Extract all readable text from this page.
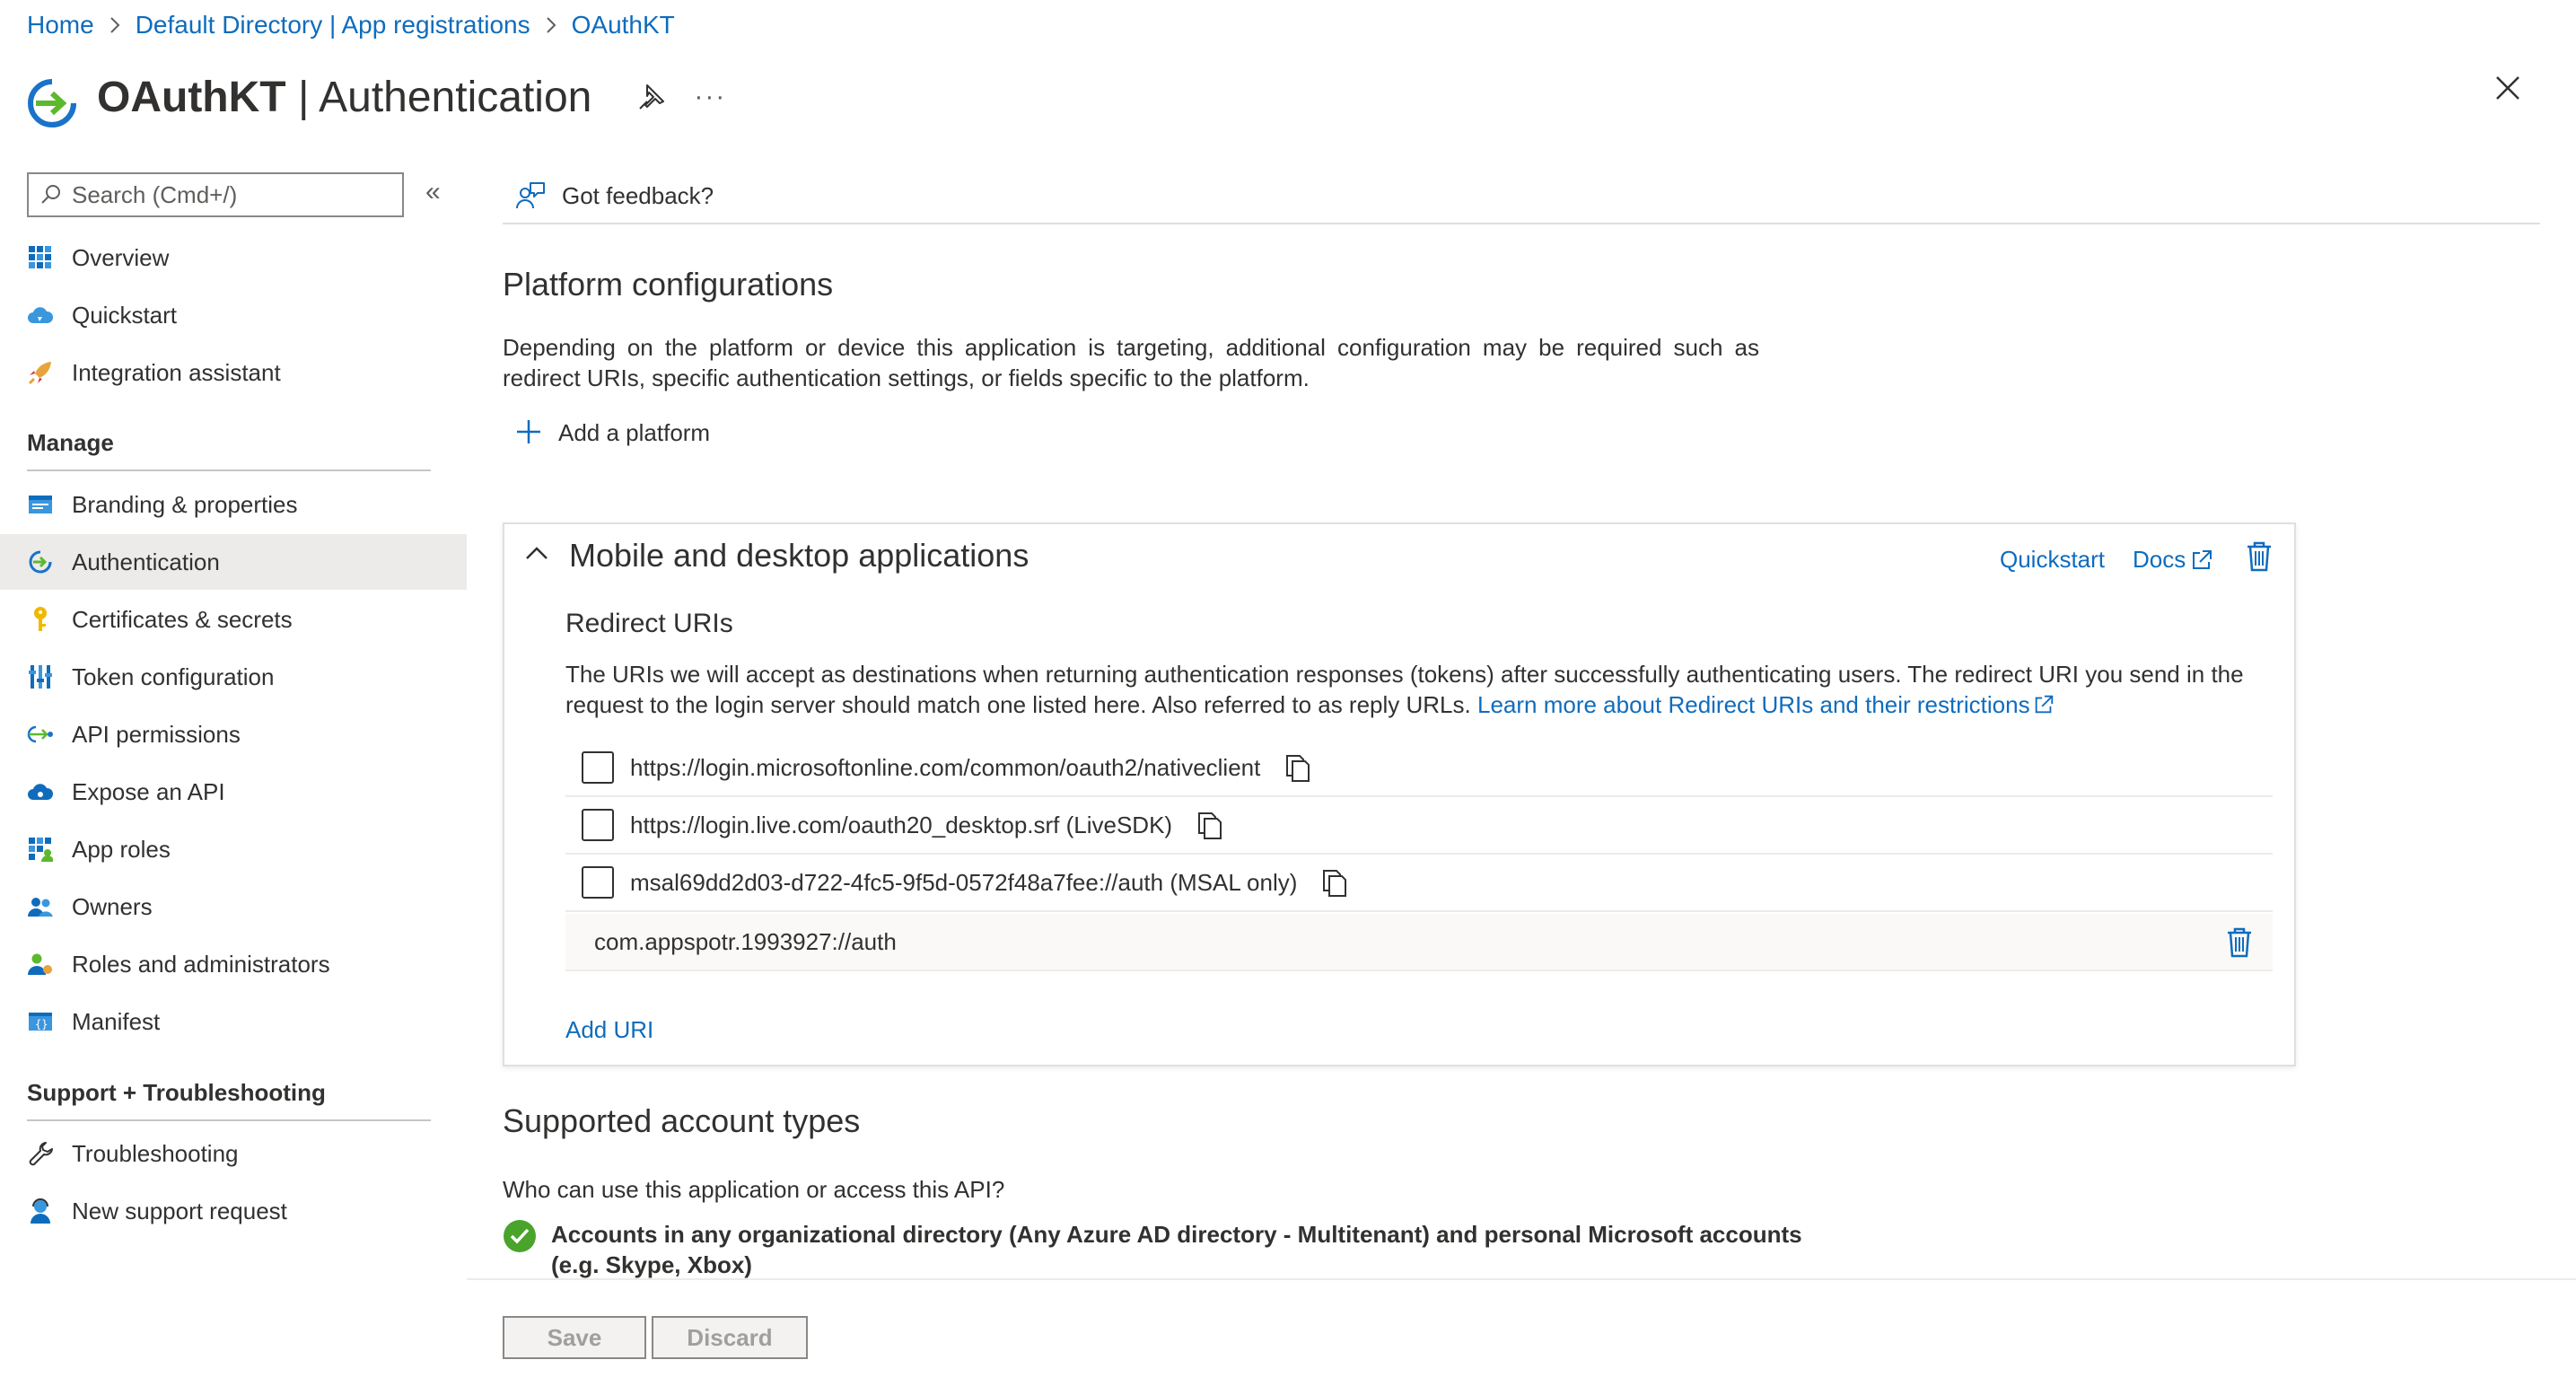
Home Default Directory | App registrations OAuthKT
OAuthKT | Authentication	···
Search (Cmd+/)	«
Overview
Quickstart
Integration assistant
Manage
Branding & properties
Authentication
Certificates & secrets
Token configuration
API permissions
Expose an API
App roles
Owners
Roles and administrators
{} Manifest
Support + Troubleshooting
Troubleshooting
New support request
Got feedback?
Platform configurations
Depending on the platform or device this application is targeting, additional configuration may be required such as redirect URIs, specific authentication settings, or fields specific to the platform.
Add a platform
Mobile and desktop applications	Quickstart Docs
Redirect URIs
The URIs we will accept as destinations when returning authentication responses (tokens) after successfully authenticating users. The redirect URI you send in the request to the login server should match one listed here. Also referred to as reply URLs. Learn more about Redirect URIs and their restrictions
https://login.microsoftonline.com/common/oauth2/nativeclient
https://login.live.com/oauth20_desktop.srf (LiveSDK)
msal69dd2d03-d722-4fc5-9f5d-0572f48a7fee://auth (MSAL only)
com.appspotr.1993927://auth
Add URI
Supported account types
Who can use this application or access this API?
Accounts in any organizational directory (Any Azure AD directory - Multitenant) and personal Microsoft accounts (e.g. Skype, Xbox)
Save	Discard
